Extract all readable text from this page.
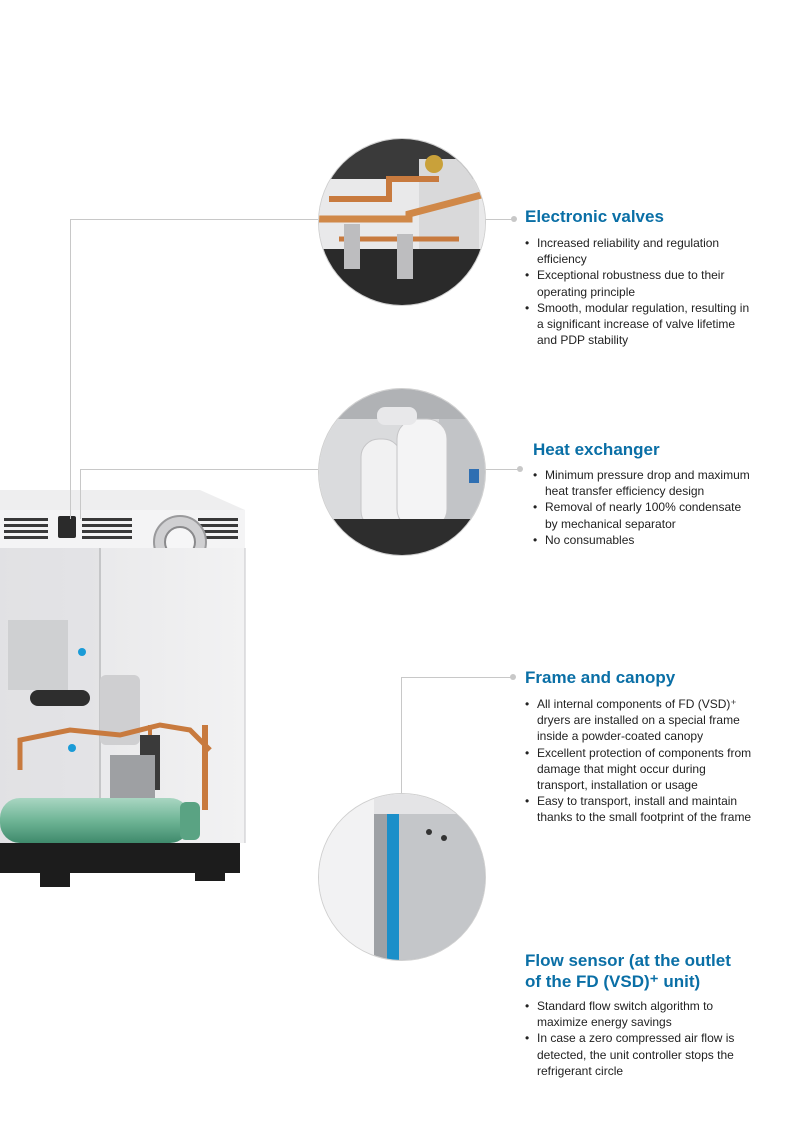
Electronic valves
• Increased reliability and regulation efficiency
• Exceptional robustness due to their operating principle
• Smooth, modular regulation, resulting in a significant increase of valve lifetime and PDP stability
Heat exchanger
• Minimum pressure drop and maximum heat transfer efficiency design
• Removal of nearly 100% condensate by mechanical separator
• No consumables
Frame and canopy
• All internal components of FD (VSD)⁺ dryers are installed on a special frame inside a powder-coated canopy
• Excellent protection of components from damage that might occur during transport, installation or usage
• Easy to transport, install and maintain thanks to the small footprint of the frame
Flow sensor (at the outlet
of the FD (VSD)⁺ unit)
• Standard flow switch algorithm to maximize energy savings
• In case a zero compressed air flow is detected, the unit controller stops the refrigerant circle
